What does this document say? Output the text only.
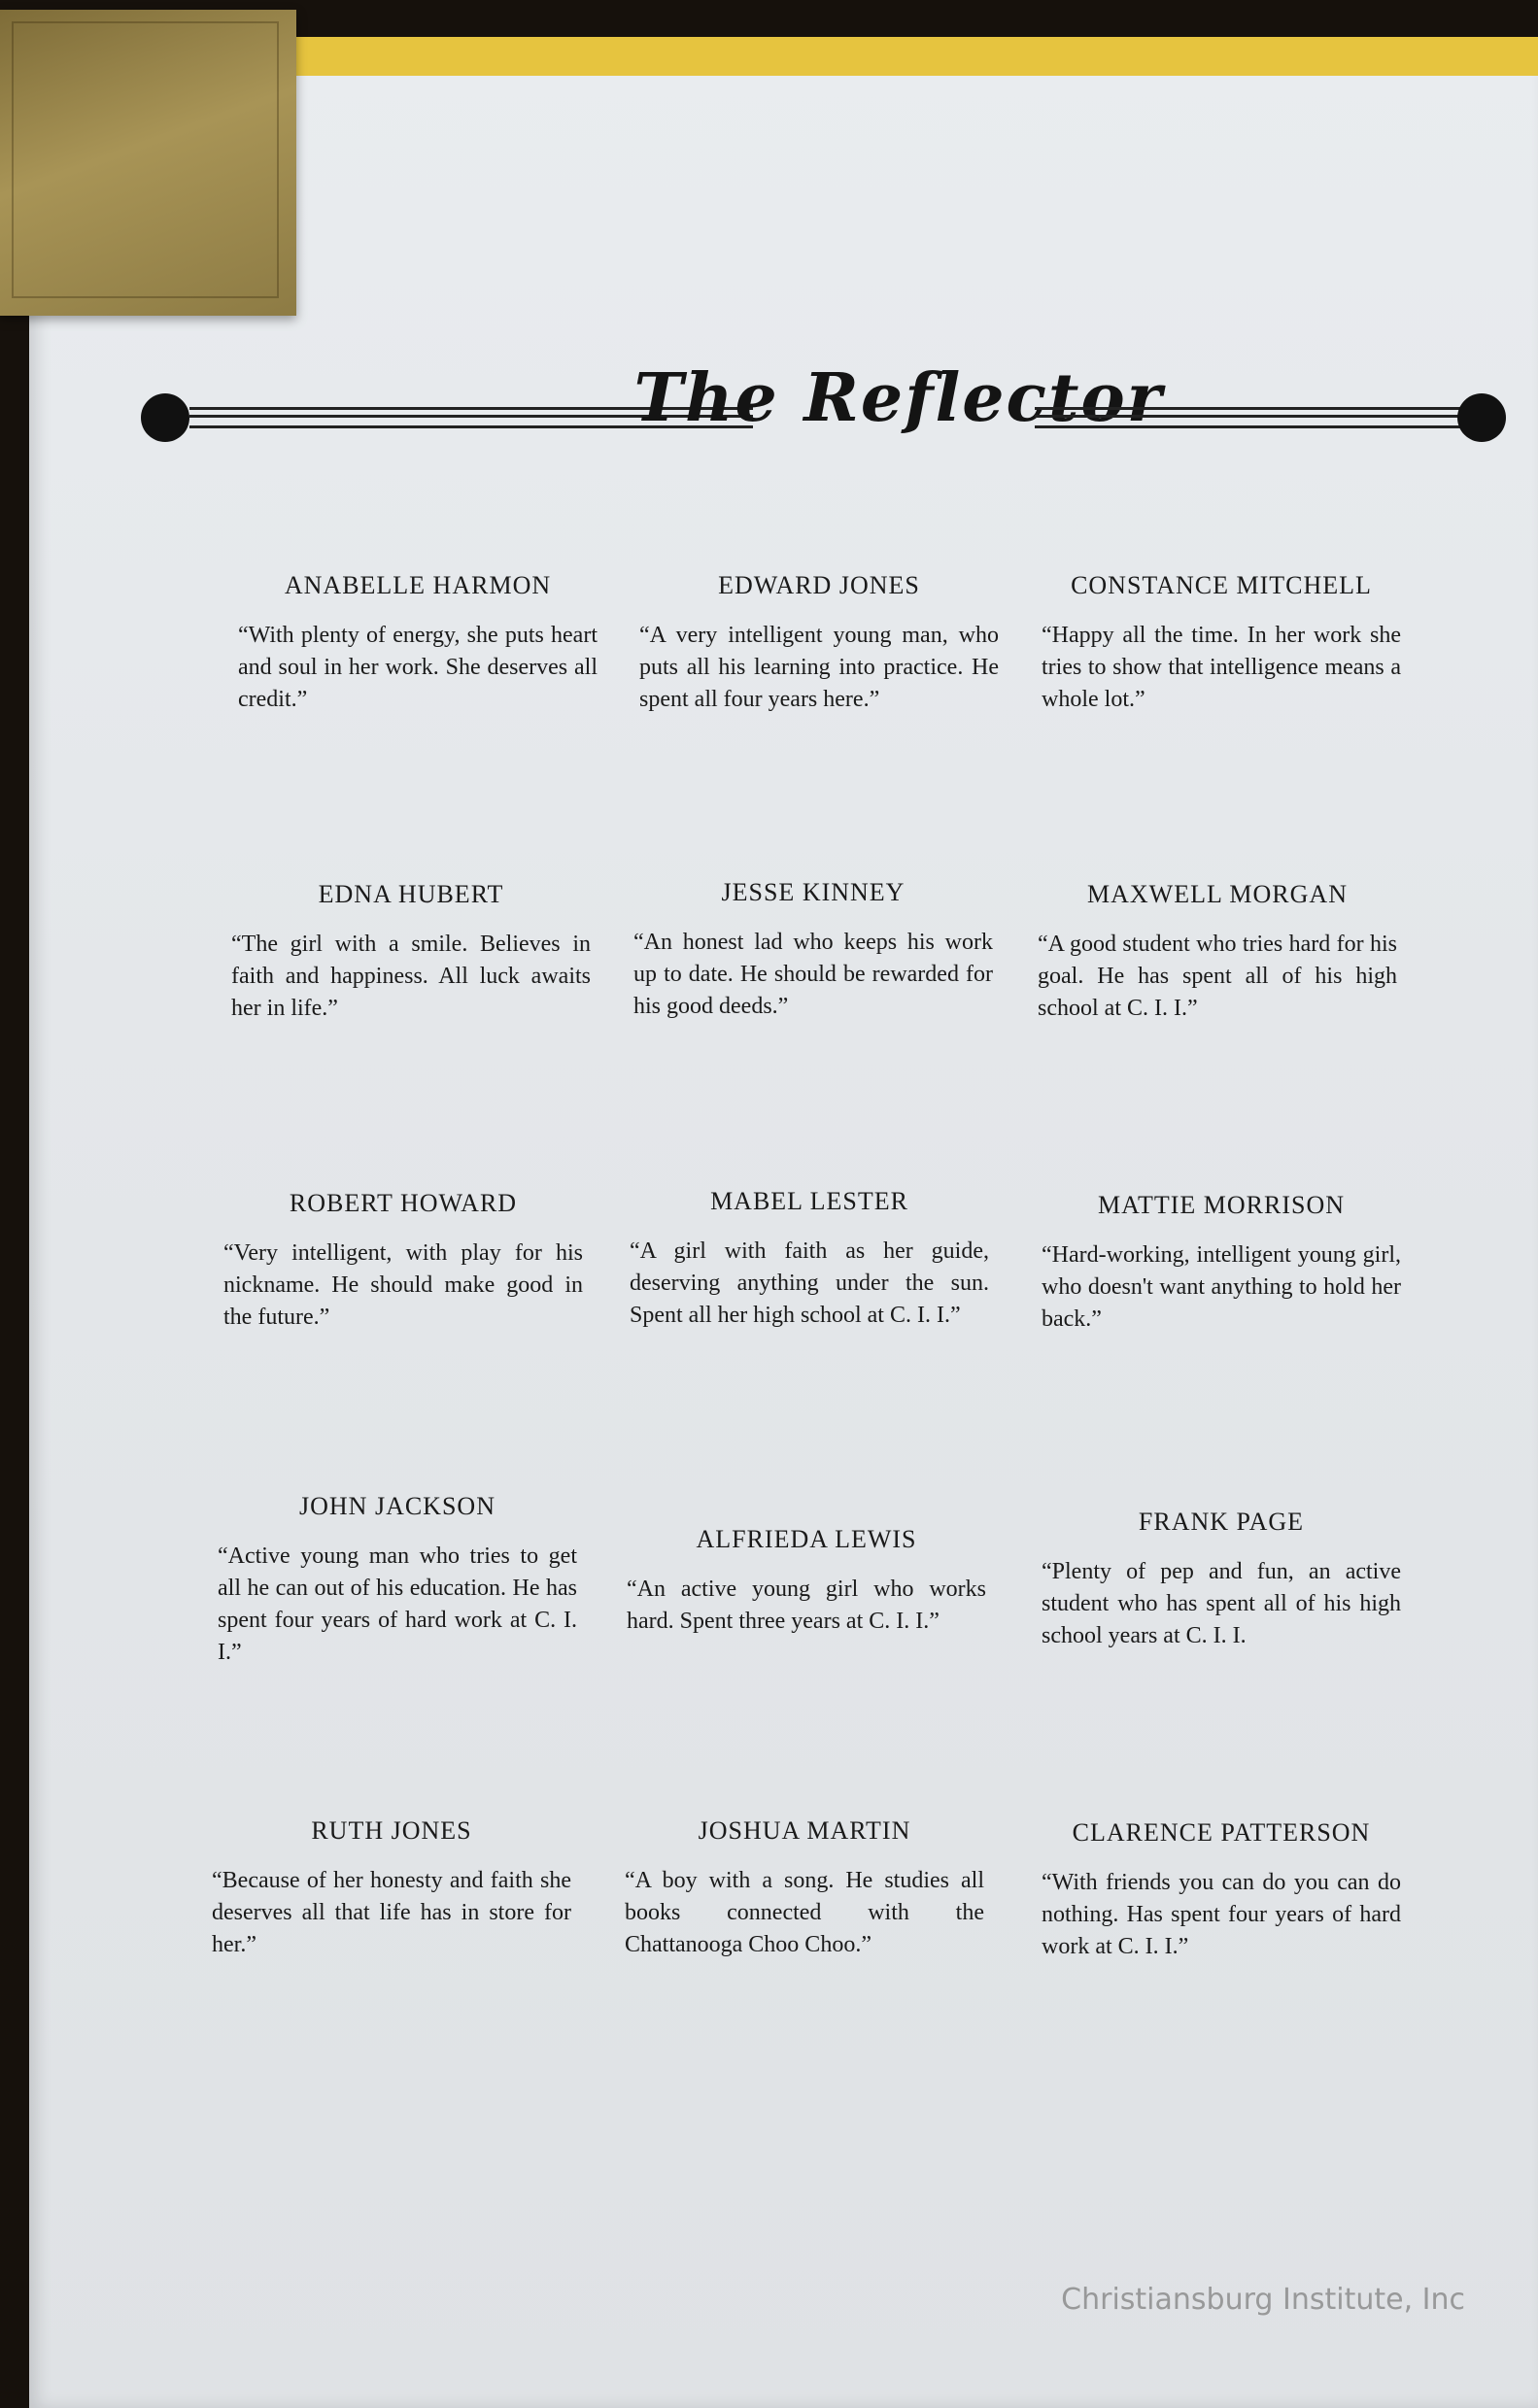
The Reflector
ANABELLE HARMON
“With plenty of energy, she puts heart and soul in her work. She deserves all credit.”
EDWARD JONES
“A very intelligent young man, who puts all his learning into practice. He spent all four years here.”
CONSTANCE MITCHELL
“Happy all the time. In her work she tries to show that intelligence means a whole lot.”
EDNA HUBERT
“The girl with a smile. Believes in faith and happiness. All luck awaits her in life.”
JESSE KINNEY
“An honest lad who keeps his work up to date. He should be rewarded for his good deeds.”
MAXWELL MORGAN
“A good student who tries hard for his goal. He has spent all of his high school at C. I. I.”
ROBERT HOWARD
“Very intelligent, with play for his nickname. He should make good in the future.”
MABEL LESTER
“A girl with faith as her guide, deserving anything under the sun. Spent all her high school at C. I. I.”
MATTIE MORRISON
“Hard-working, intelligent young girl, who doesn't want anything to hold her back.”
JOHN JACKSON
“Active young man who tries to get all he can out of his education. He has spent four years of hard work at C. I. I.”
ALFRIEDA LEWIS
“An active young girl who works hard. Spent three years at C. I. I.”
FRANK PAGE
“Plenty of pep and fun, an active student who has spent all of his high school years at C. I. I.
RUTH JONES
“Because of her honesty and faith she deserves all that life has in store for her.”
JOSHUA MARTIN
“A boy with a song. He studies all books connected with the Chattanooga Choo Choo.”
CLARENCE PATTERSON
“With friends you can do you can do nothing. Has spent four years of hard work at C. I. I.”
Christiansburg Institute, Inc
